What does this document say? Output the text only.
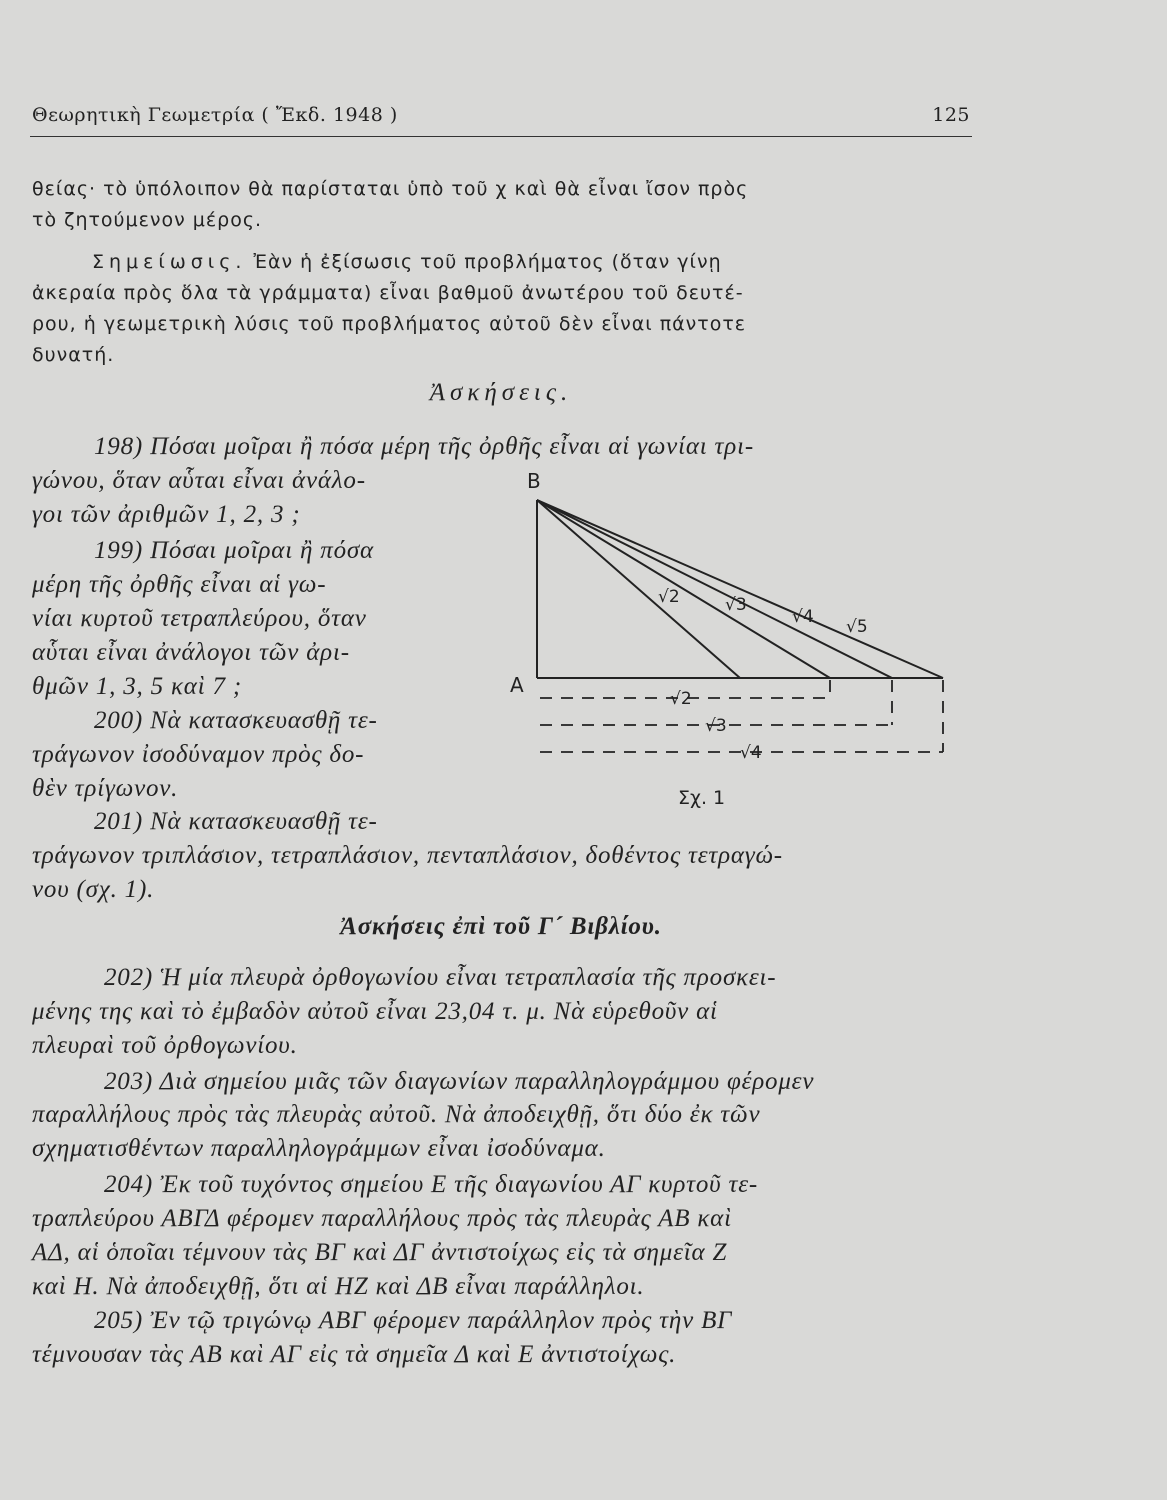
Θεωρητικὴ Γεωμετρία ( Ἔκδ. 1948 )	125
θείας· τὸ ὑπόλοιπον θὰ παρίσταται ὑπὸ τοῦ χ καὶ θὰ εἶναι ἴσον πρὸς
τὸ ζητούμενον μέρος.
Σημείωσις. Ἐὰν ἡ ἐξίσωσις τοῦ προβλήματος (ὅταν γίνῃ
ἀκεραία πρὸς ὅλα τὰ γράμματα) εἶναι βαθμοῦ ἀνωτέρου τοῦ δευτέ-
ρου, ἡ γεωμετρικὴ λύσις τοῦ προβλήματος αὐτοῦ δὲν εἶναι πάντοτε
δυνατή.
Ἀσκήσεις.
198) Πόσαι μοῖραι ἢ πόσα μέρη τῆς ὀρθῆς εἶναι αἱ γωνίαι τρι-
γώνου, ὅταν αὗται εἶναι ἀνάλο-
γοι τῶν ἀριθμῶν 1, 2, 3 ;
199) Πόσαι μοῖραι ἢ πόσα
μέρη τῆς ὀρθῆς εἶναι αἱ γω-
νίαι κυρτοῦ τετραπλεύρου, ὅταν
αὗται εἶναι ἀνάλογοι τῶν ἀρι-
θμῶν 1, 3, 5 καὶ 7 ;
200) Νὰ κατασκευασθῇ τε-
τράγωνον ἰσοδύναμον πρὸς δο-
θὲν τρίγωνον.
201) Νὰ κατασκευασθῇ τε-
τράγωνον τριπλάσιον, τετραπλάσιον, πενταπλάσιον, δοθέντος τετραγώ-
νου (σχ. 1).
B
A
√2	√3
√4 √5
√2
√3
√4
Σχ. 1
Ἀσκήσεις ἐπὶ τοῦ Γ´ Βιβλίου.
202) Ἡ μία πλευρὰ ὀρθογωνίου εἶναι τετραπλασία τῆς προσκει-
μένης της καὶ τὸ ἐμβαδὸν αὐτοῦ εἶναι 23,04 τ. μ. Νὰ εὑρεθοῦν αἱ
πλευραὶ τοῦ ὀρθογωνίου.
203) Διὰ σημείου μιᾶς τῶν διαγωνίων παραλληλογράμμου φέρομεν
παραλλήλους πρὸς τὰς πλευρὰς αὐτοῦ. Νὰ ἀποδειχθῇ, ὅτι δύο ἐκ τῶν
σχηματισθέντων παραλληλογράμμων εἶναι ἰσοδύναμα.
204) Ἐκ τοῦ τυχόντος σημείου Ε τῆς διαγωνίου ΑΓ κυρτοῦ τε-
τραπλεύρου ΑΒΓΔ φέρομεν παραλλήλους πρὸς τὰς πλευρὰς ΑΒ καὶ
ΑΔ, αἱ ὁποῖαι τέμνουν τὰς ΒΓ καὶ ΔΓ ἀντιστοίχως εἰς τὰ σημεῖα Ζ
καὶ Η. Νὰ ἀποδειχθῇ, ὅτι αἱ ΗΖ καὶ ΔΒ εἶναι παράλληλοι.
205) Ἐν τῷ τριγώνῳ ΑΒΓ φέρομεν παράλληλον πρὸς τὴν ΒΓ
τέμνουσαν τὰς ΑΒ καὶ ΑΓ εἰς τὰ σημεῖα Δ καὶ Ε ἀντιστοίχως.
